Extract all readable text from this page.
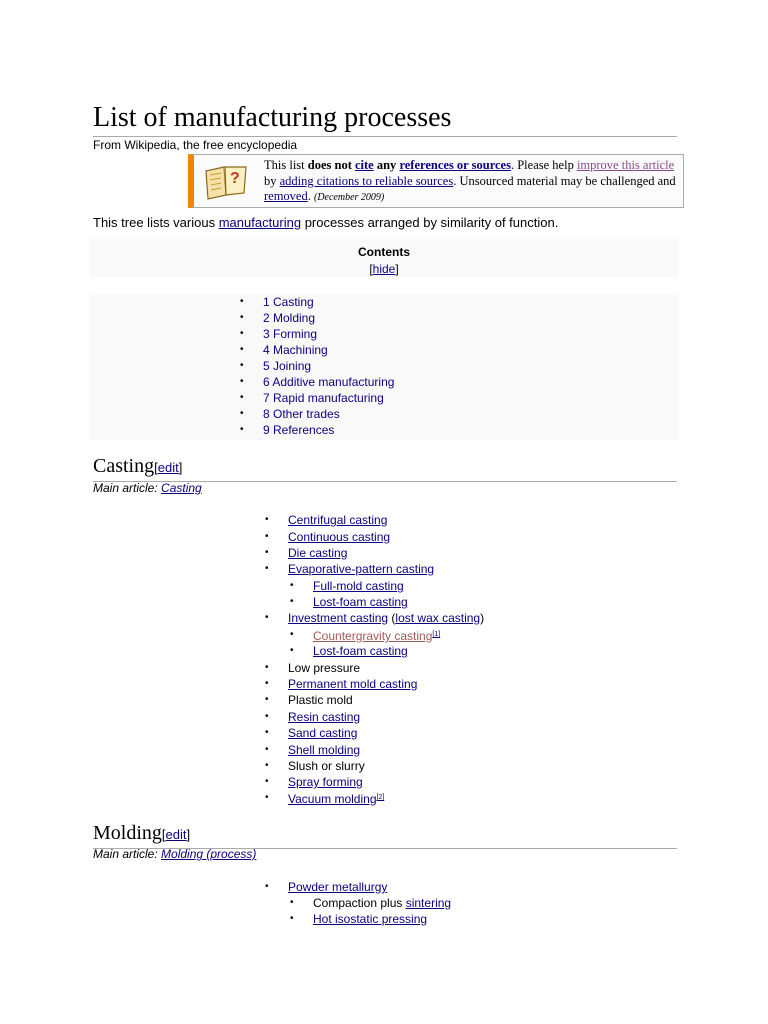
List of manufacturing processes
From Wikipedia, the free encyclopedia
?
This list does not cite any references or sources. Please help improve this article by adding citations to reliable sources. Unsourced material may be challenged and removed. (December 2009)
This tree lists various manufacturing processes arranged by similarity of function.
Contents
[hide]
• 1 Casting
• 2 Molding
• 3 Forming
• 4 Machining
• 5 Joining
• 6 Additive manufacturing
• 7 Rapid manufacturing
• 8 Other trades
• 9 References
Casting[edit]
Main article: Casting
• Centrifugal casting
• Continuous casting
• Die casting
• Evaporative-pattern casting
• Full-mold casting
• Lost-foam casting
• Investment casting (lost wax casting)
• Countergravity casting[1]
• Lost-foam casting
• Low pressure
• Permanent mold casting
• Plastic mold
• Resin casting
• Sand casting
• Shell molding
• Slush or slurry
• Spray forming
• Vacuum molding[2]
Molding[edit]
Main article: Molding (process)
• Powder metallurgy
• Compaction plus sintering
• Hot isostatic pressing
